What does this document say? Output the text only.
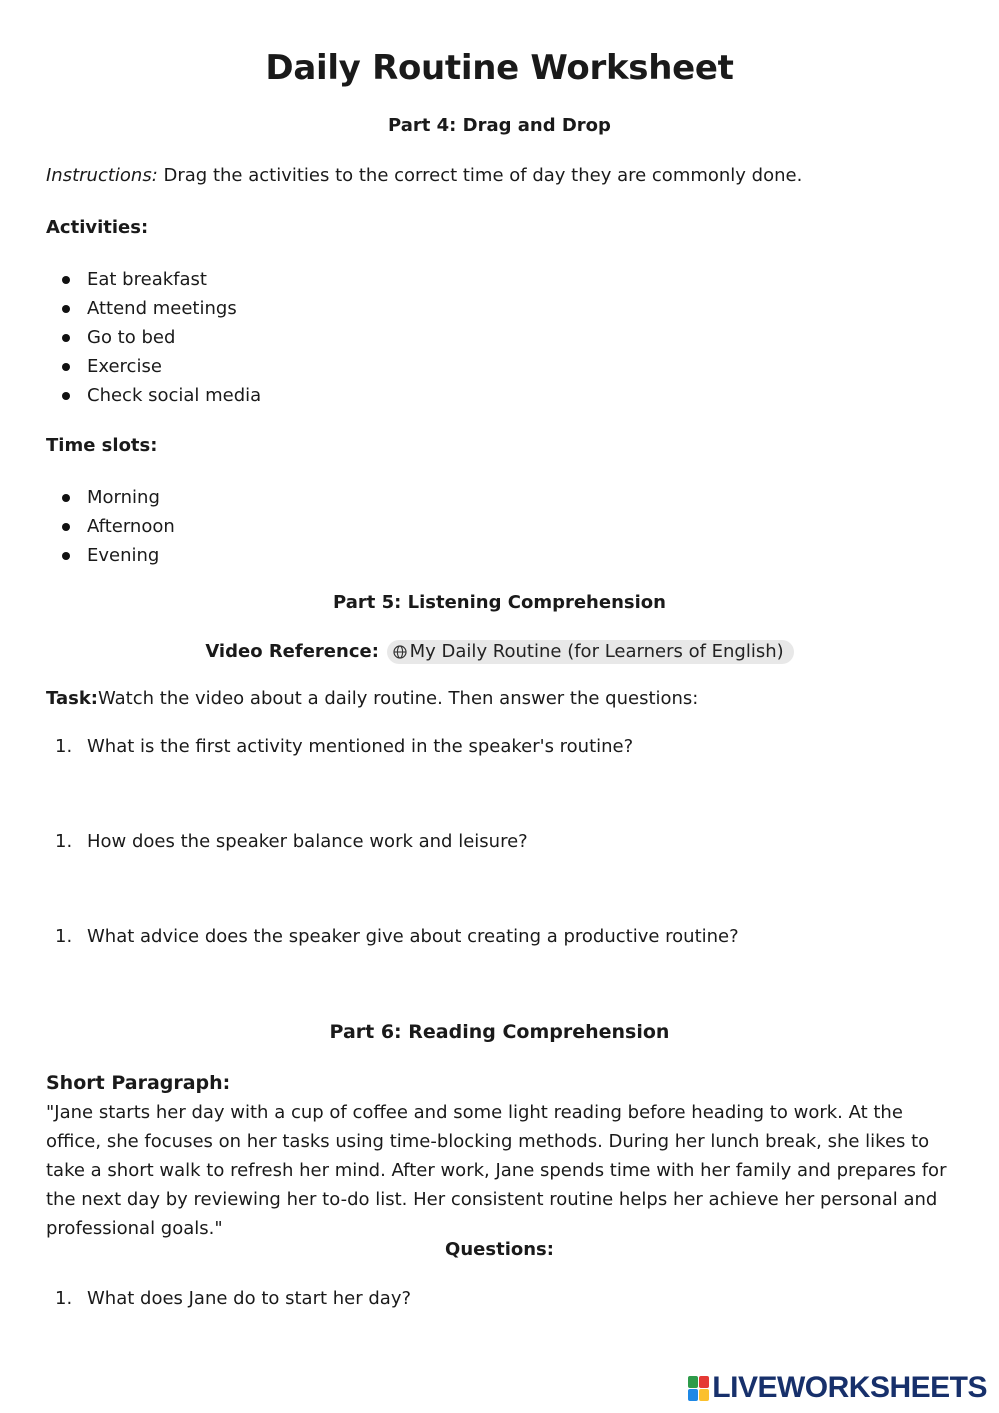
Daily Routine Worksheet
Part 4: Drag and Drop
Instructions: Drag the activities to the correct time of day they are commonly done.
Activities:
Eat breakfast
Attend meetings
Go to bed
Exercise
Check social media
Time slots:
Morning
Afternoon
Evening
Part 5: Listening Comprehension
Video Reference: My Daily Routine (for Learners of English)
Task:Watch the video about a daily routine. Then answer the questions:
1. What is the first activity mentioned in the speaker's routine?
1. How does the speaker balance work and leisure?
1. What advice does the speaker give about creating a productive routine?
Part 6: Reading Comprehension
Short Paragraph:
"Jane starts her day with a cup of coffee and some light reading before heading to work. At the office, she focuses on her tasks using time-blocking methods. During her lunch break, she likes to take a short walk to refresh her mind. After work, Jane spends time with her family and prepares for the next day by reviewing her to-do list. Her consistent routine helps her achieve her personal and professional goals."
Questions:
1. What does Jane do to start her day?
LIVEWORKSHEETS
